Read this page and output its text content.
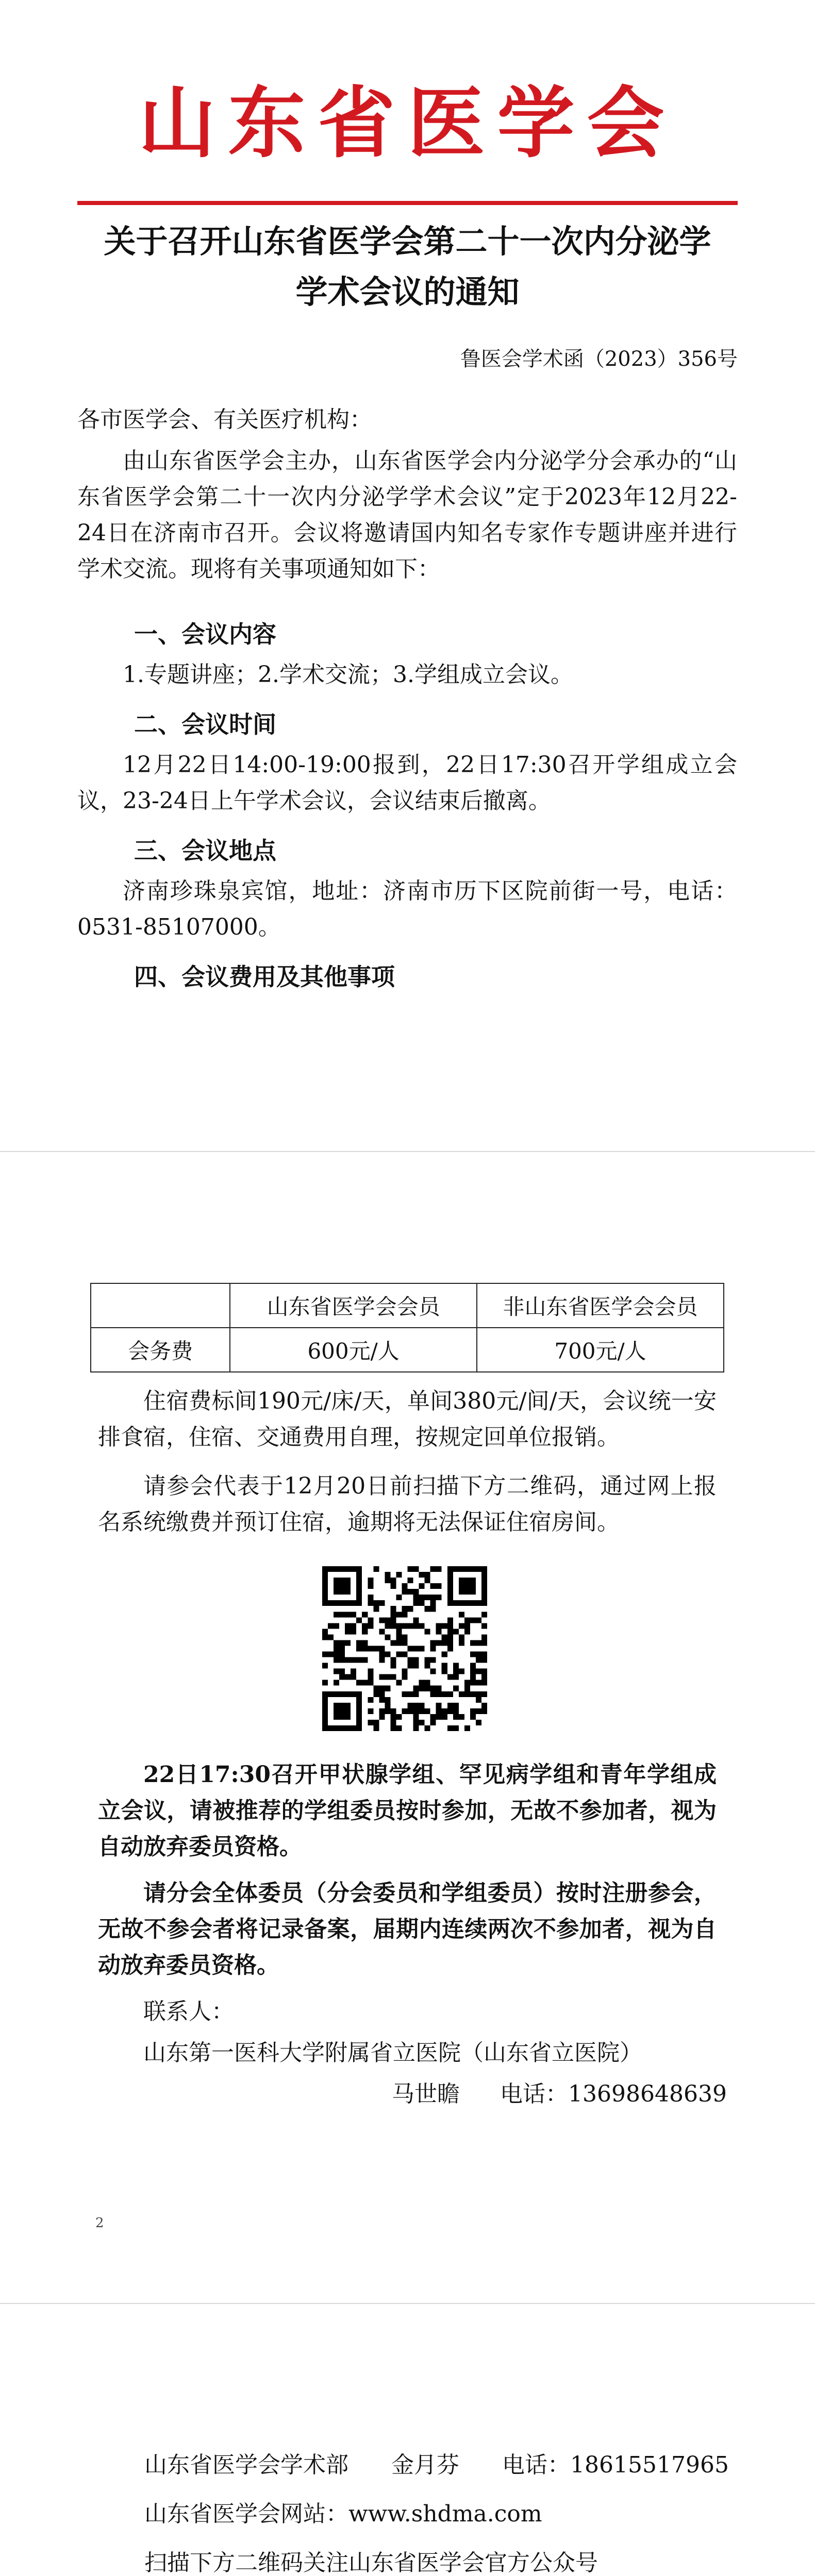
山东省医学会
关于召开山东省医学会第二十一次内分泌学
学术会议的通知
鲁医会学术函（2023）356号

各市医学会、有关医疗机构：

由山东省医学会主办，山东省医学会内分泌学分会承办的“山东省医学会第二十一次内分泌学学术会议”定于2023年12月22-24日在济南市召开。会议将邀请国内知名专家作专题讲座并进行学术交流。现将有关事项通知如下：

一、会议内容

1.专题讲座；2.学术交流；3.学组成立会议。

二、会议时间

12月22日14:00-19:00报到，22日17:30召开学组成立会议，23-24日上午学术会议，会议结束后撤离。

三、会议地点

济南珍珠泉宾馆，地址：济南市历下区院前街一号，电话：0531-85107000。

四、会议费用及其他事项
	山东省医学会会员	非山东省医学会会员
会务费	600元/人	700元/人

住宿费标间190元/床/天，单间380元/间/天，会议统一安排食宿，住宿、交通费用自理，按规定回单位报销。

请参会代表于12月20日前扫描下方二维码，通过网上报名系统缴费并预订住宿，逾期将无法保证住宿房间。

22日17:30召开甲状腺学组、罕见病学组和青年学组成立会议，请被推荐的学组委员按时参加，无故不参加者，视为自动放弃委员资格。

请分会全体委员（分会委员和学组委员）按时注册参会，无故不参会者将记录备案，届期内连续两次不参加者，视为自动放弃委员资格。

联系人：

山东第一医科大学附属省立医院（山东省立医院）

马世瞻 电话：13698648639
2
山东省医学会学术部 金月芬 电话：18615517965

山东省医学会网站：www.shdma.com

扫描下方二维码关注山东省医学会官方公众号
